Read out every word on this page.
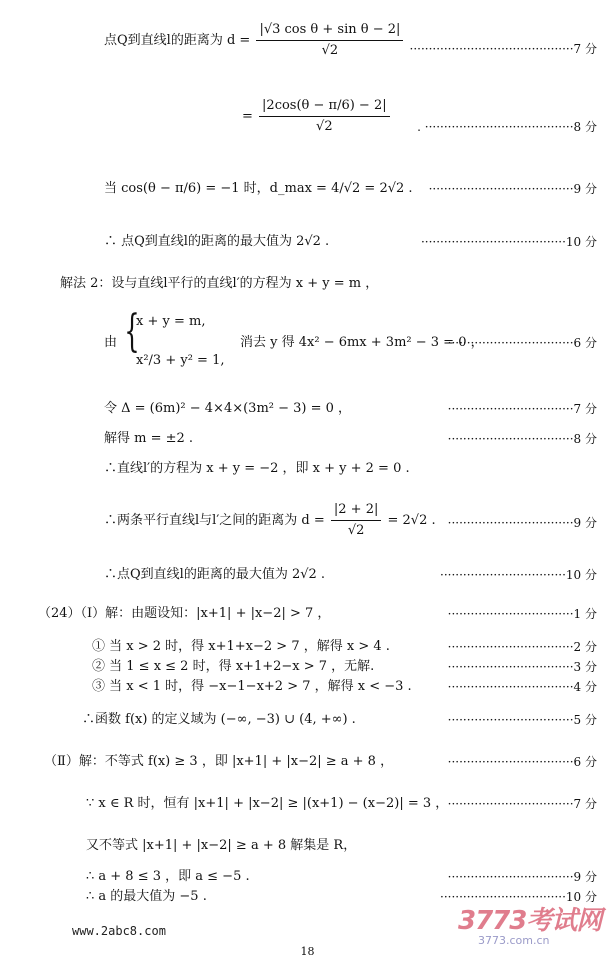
点Q到直线l的距离为 $d = \frac{\text{|√3 cos θ + sin θ − 2|}}{√2} \cdot\cdot\cdot\cdot\cdot\cdot\cdot\cdot\cdot\cdot\cdot\cdot\cdot\cdot\cdot\cdot\cdot\cdot\cdot\cdot\cdot\cdot\cdot\cdot\cdot\cdot\cdot\cdot\cdot\cdot\cdot\cdot\cdot\cdot\cdot\cdot\cdot\cdot\cdot\cdot\cdot\cdot\cdot 7$ 分
= $\frac{|2\cos(\theta - \pi/6) - 2|}{√2}$ . ·······································8 分
当 cos(θ − π/6) = −1 时，d_max = 4/√2 = 2√2 . ······································9 分
∴ 点Q到直线l的距离的最大值为 2√2 .	······································10 分
解法 2：设与直线l平行的直线l′的方程为 x + y = m ，
由 {
x + y = m,
x²/3 + y² = 1,
消去 y 得 4x² − 6mx + 3m² − 3 = 0 ，
·································6 分
令 Δ = (6m)² − 4×4×(3m² − 3) = 0 ，	·································7 分
解得 m = ±2 .	·································8 分
∴直线l′的方程为 x + y = −2 ，即 x + y + 2 = 0 .
∴两条平行直线l与l′之间的距离为 $d = \frac{|2 + 2|}{√2} = 2√2$ . ·································9 分
∴点Q到直线l的距离的最大值为 2√2 .	·································10 分
（24）（Ⅰ）解：由题设知：|x+1| + |x−2| > 7 ，	·································1 分
① 当 x > 2 时，得 x+1+x−2 > 7 ，解得 x > 4 .	·································2 分
② 当 1 ≤ x ≤ 2 时，得 x+1+2−x > 7 ，无解.	·································3 分
③ 当 x < 1 时，得 −x−1−x+2 > 7 ，解得 x < −3 .	·································4 分
∴函数 f(x) 的定义域为 (−∞, −3) ∪ (4, +∞) .	·································5 分
（Ⅱ）解：不等式 f(x) ≥ 3 ，即 |x+1| + |x−2| ≥ a + 8 ，	·································6 分
∵ x ∈ R 时，恒有 |x+1| + |x−2| ≥ |(x+1) − (x−2)| = 3 ， ·································7 分
又不等式 |x+1| + |x−2| ≥ a + 8 解集是 R，
∴ a + 8 ≤ 3 ，即 a ≤ −5 .	·································9 分
∴ a 的最大值为 −5 .	·································10 分
www.2abc8.com
18
3773考试网
3773.com.cn
